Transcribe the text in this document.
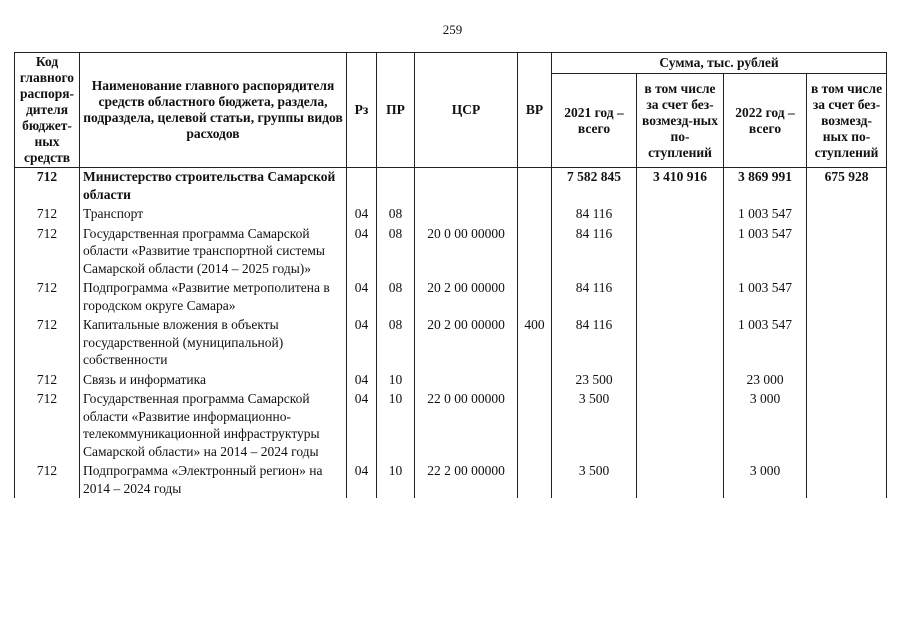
259
Код главного распоря-дителя бюджет-ных средств	Наименование главного распорядителя средств областного бюджета, раздела, подраздела, целевой статьи, группы видов расходов	Рз	ПР	ЦСР	ВР	Сумма, тыс. рублей			
						2021 год – всего	в том числе за счет без-возмезд-ных по-ступлений	2022 год – всего	в том числе за счет без-возмезд-ных по-ступлений
712	Министерство строительства Самарской области					7 582 845	3 410 916	3 869 991	675 928
712	Транспорт	04	08			84 116		1 003 547	
712	Государственная программа Самарской области «Развитие транспортной системы Самарской области (2014 – 2025 годы)»	04	08	20 0 00 00000		84 116		1 003 547	
712	Подпрограмма «Развитие метрополитена в городском округе Самара»	04	08	20 2 00 00000		84 116		1 003 547	
712	Капитальные вложения в объекты государственной (муниципальной) собственности	04	08	20 2 00 00000	400	84 116		1 003 547	
712	Связь и информатика	04	10			23 500		23 000	
712	Государственная программа Самарской области «Развитие информационно-телекоммуникационной инфраструктуры Самарской области» на 2014 – 2024 годы	04	10	22 0 00 00000		3 500		3 000	
712	Подпрограмма «Электронный регион» на 2014 – 2024 годы	04	10	22 2 00 00000		3 500		3 000	
